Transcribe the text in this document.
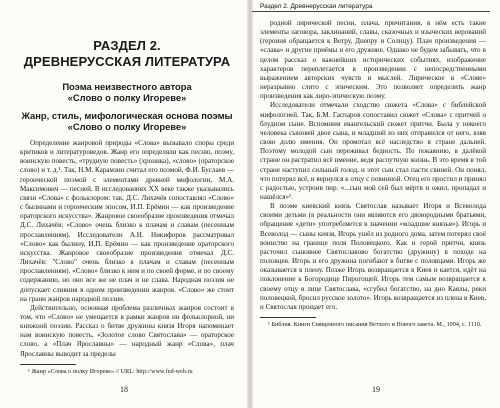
РАЗДЕЛ 2.
ДРЕВНЕРУССКАЯ ЛИТЕРАТУРА
Поэма неизвестного автора
«Слово о полку Игореве»
Жанр, стиль, мифологическая основа поэмы
«Слово о полку Игореве»

Определение жанровой природы «Слова» вызывало споры среди критиков и литературоведов. Жанр его определяли как песню, поэму, воинскую повесть, «трудную повесть» (хроника), «слово» (ораторское слово) и т. д.¹. Так, Н.М. Карамзин считал его поэмой, Ф.И. Буслаев — героической поэмой с элементами древней мифологии, М.А. Максимович — песней. В исследованиях XX веке также указывались связи «Слова» с фольклором: так, Д.С. Лихачёв сопоставлял «Слово» с былинами и героическим эпосом, И.П. Ерёмин — как произведение ораторского искусства». Жанровое своеобразие произведения отмечал Д.С. Лихачёв: «Слово» очень близко к плачам и славам (песенным прославлениям). Исследователи А.Н. Никифоров рассматривал «Слово» как былину, И.П. Ерёмин — как произведение ораторского искусства. Жанровое своеобразие произведения отмечал Д.С. Лихачёв: "Слово" очень близко к плачам и славам (песенным прославлениям). «Слово» близко к ним и по своей форме, и по своему содержанию, но оно все же не плач и не слава. Народная поэзия не допускает слияния в одном произведении жанров. «Слово» же стоит на грани жанров народной поэзии.

Действительно, основная проблема различных жанров состоит в том, что «Слово» не умещается в рамки жанров ни фольклорной, ни книжной поэзии. Рассказ о битве дружины князя Игоря напоминает нам воинскую повесть, «Золотое слово Святослава» — ораторское слово, а «Плач Ярославны» — народный жанр «Слова», плач Ярославны выводит за пределы

¹ Жанр «Слова о полку Игореве» // URL: http://www.fed-web.ru

18
Раздел 2. Древнерусская литература

родной лирической песни, плача, причитания, в нём есть такие элементы заговора, заклинаний, славы, сказочных и языческих верований (героиня обращается к Ветру, Днепру и Солнцу). Плач произведения — «слава» и другие приёмы и его дружине. Однако не будем забывать, что в целом рассказ о важнейших исторических событиях, изображение характеров переплетается в произведении с непосредственными выражением авторских чувств и мыслей. Лирическое в «Слове» неразрывно слито с эпическим. Это позволяет определить жанр произведения как лиро-эпическую поэму.

Исследователи отмечали сходство сюжета «Слова» с библейской мифологией. Так, Б.М. Гаспаров сопоставил сюжет «Слова» с притчей о блудном сыне. Вспомним евангельский сюжет притчи. Была у некоего человека сыновей двое сына, и младший из них отправился от него, взяв свою долю имения. Он промотал всё наследство в стране дальней. Поэтому молодой сын переживал бедность. По покаянию, в далёкой стране он растратил всё имение, ведя распутную жизнь. В это время в той стране наступил сильный голод, и этот сын стал пасти свиней. Он понял, что потерял всё, и вернулся к отцу с повинной. Отец его простил и принял с радостью, устроив пир. «...сын мой сей был мёртв и ожил, пропадал и нашёлся»¹.

В поэме киевский князь Святослав называет Игоря и Всеволода своими детьми (в реальности они являются его двоюродными братьями, обращение «дети» употребляется в значении «младшие князья»). Игорь и Всеволод — сыны князя, Игорь ушёл из родного дома, затем потерял своё воинство на границе поля Половецкого. Как и герой притчи, князь расточил сыновнее Святославово богатство (дружину) в походе на половцев. Игорь и его дружина погибают в битве с половцами. Игорь же оказывается в плену. Позже Игорь возвращается в Киев и кается, идёт на поклонение к Богородице Пирогощей. Игорь тем самым возвращается к своему отцу в лице Святослава, «сгубил богатство, на дно Каялы, реки половецкой, бросил русское золото». Игорь возвращается из плена в Киев, и Святослав прощает его.

¹ Библия. Книги Священного писания Ветхого и Нового завета. М., 1994, с. 1110.

19
